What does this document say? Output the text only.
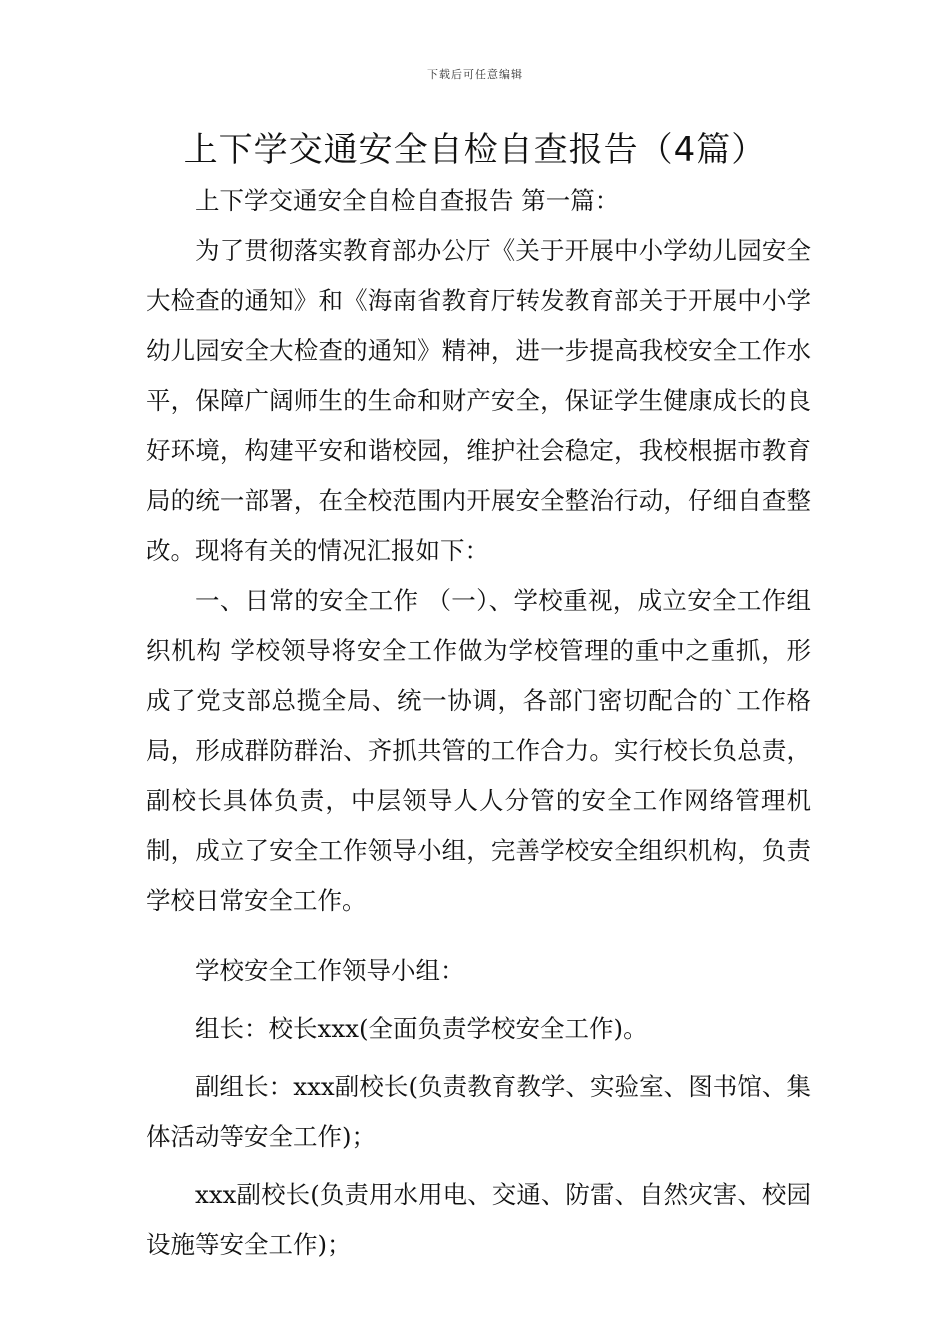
下载后可任意编辑
上下学交通安全自检自查报告（4篇）

上下学交通安全自检自查报告 第一篇：

为了贯彻落实教育部办公厅《关于开展中小学幼儿园安全大检查的通知》和《海南省教育厅转发教育部关于开展中小学幼儿园安全大检查的通知》精神，进一步提高我校安全工作水平，保障广阔师生的生命和财产安全，保证学生健康成长的良好环境，构建平安和谐校园，维护社会稳定，我校根据市教育局的统一部署，在全校范围内开展安全整治行动，仔细自查整改。现将有关的情况汇报如下：

一、日常的安全工作 （一）、学校重视，成立安全工作组织机构 学校领导将安全工作做为学校管理的重中之重抓，形成了党支部总揽全局、统一协调，各部门密切配合的`工作格局，形成群防群治、齐抓共管的工作合力。实行校长负总责，副校长具体负责，中层领导人人分管的安全工作网络管理机制，成立了安全工作领导小组，完善学校安全组织机构，负责学校日常安全工作。

学校安全工作领导小组：

组长：校长xxx(全面负责学校安全工作)。

副组长：xxx副校长(负责教育教学、实验室、图书馆、集体活动等安全工作)；

xxx副校长(负责用水用电、交通、防雷、自然灾害、校园设施等安全工作)；
